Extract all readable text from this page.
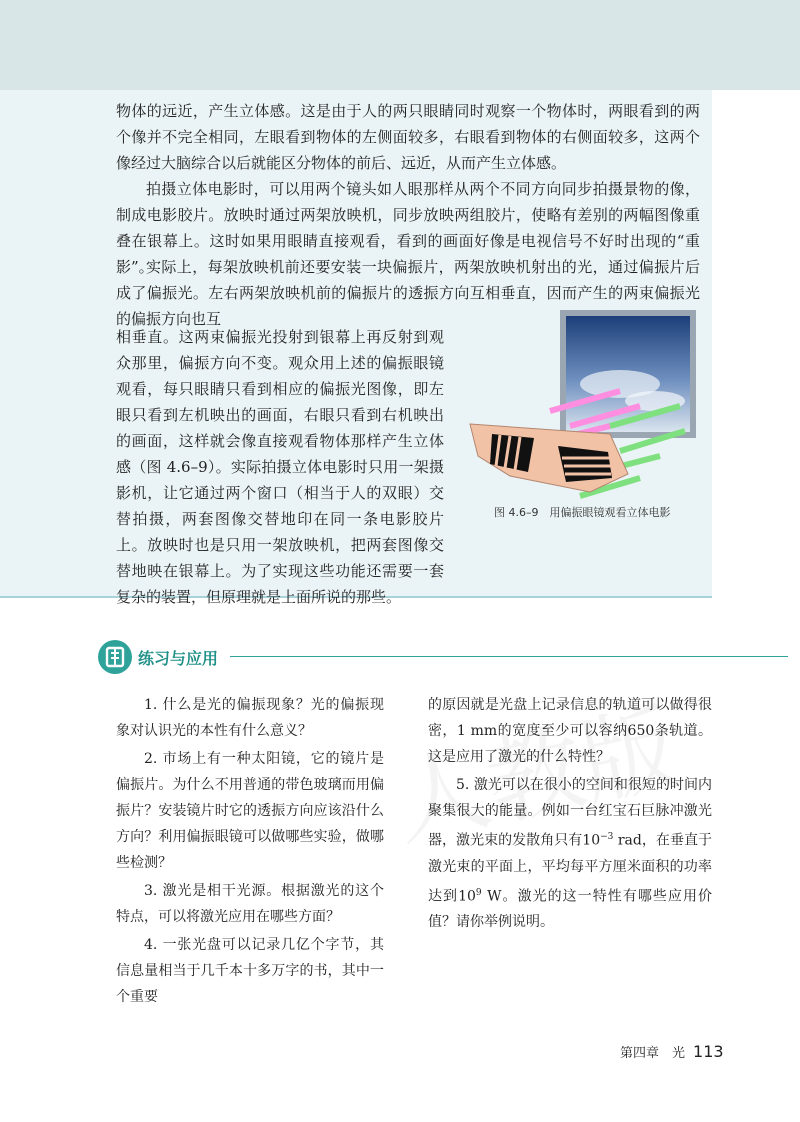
物体的远近，产生立体感。这是由于人的两只眼睛同时观察一个物体时，两眼看到的两个像并不完全相同，左眼看到物体的左侧面较多，右眼看到物体的右侧面较多，这两个像经过大脑综合以后就能区分物体的前后、远近，从而产生立体感。

拍摄立体电影时，可以用两个镜头如人眼那样从两个不同方向同步拍摄景物的像，制成电影胶片。放映时通过两架放映机，同步放映两组胶片，使略有差别的两幅图像重叠在银幕上。这时如果用眼睛直接观看，看到的画面好像是电视信号不好时出现的“重影”。

实际上，每架放映机前还要安装一块偏振片，两架放映机射出的光，通过偏振片后成了偏振光。左右两架放映机前的偏振片的透振方向互相垂直，因而产生的两束偏振光的偏振方向也互

相垂直。这两束偏振光投射到银幕上再反射到观众那里，偏振方向不变。观众用上述的偏振眼镜观看，每只眼睛只看到相应的偏振光图像，即左眼只看到左机映出的画面，右眼只看到右机映出的画面，这样就会像直接观看物体那样产生立体感（图 4.6–9）。实际拍摄立体电影时只用一架摄影机，让它通过两个窗口（相当于人的双眼）交替拍摄，两套图像交替地印在同一条电影胶片上。放映时也是只用一架放映机，把两套图像交替地映在银幕上。为了实现这些功能还需要一套复杂的装置，但原理就是上面所说的那些。

图 4.6–9　用偏振眼镜观看立体电影
练习与应用

1. 什么是光的偏振现象？光的偏振现象对认识光的本性有什么意义？

2. 市场上有一种太阳镜，它的镜片是偏振片。为什么不用普通的带色玻璃而用偏振片？安装镜片时它的透振方向应该沿什么方向？利用偏振眼镜可以做哪些实验，做哪些检测？

3. 激光是相干光源。根据激光的这个特点，可以将激光应用在哪些方面？

4. 一张光盘可以记录几亿个字节，其信息量相当于几千本十多万字的书，其中一个重要

的原因就是光盘上记录信息的轨道可以做得很密，1 mm的宽度至少可以容纳650条轨道。这是应用了激光的什么特性？

5. 激光可以在很小的空间和很短的时间内聚集很大的能量。例如一台红宝石巨脉冲激光器，激光束的发散角只有$10^{-3}$ rad，在垂直于激光束的平面上，平均每平方厘米面积的功率达到$10^9$ W。激光的这一特性有哪些应用价值？请你举例说明。

第四章　光 113
